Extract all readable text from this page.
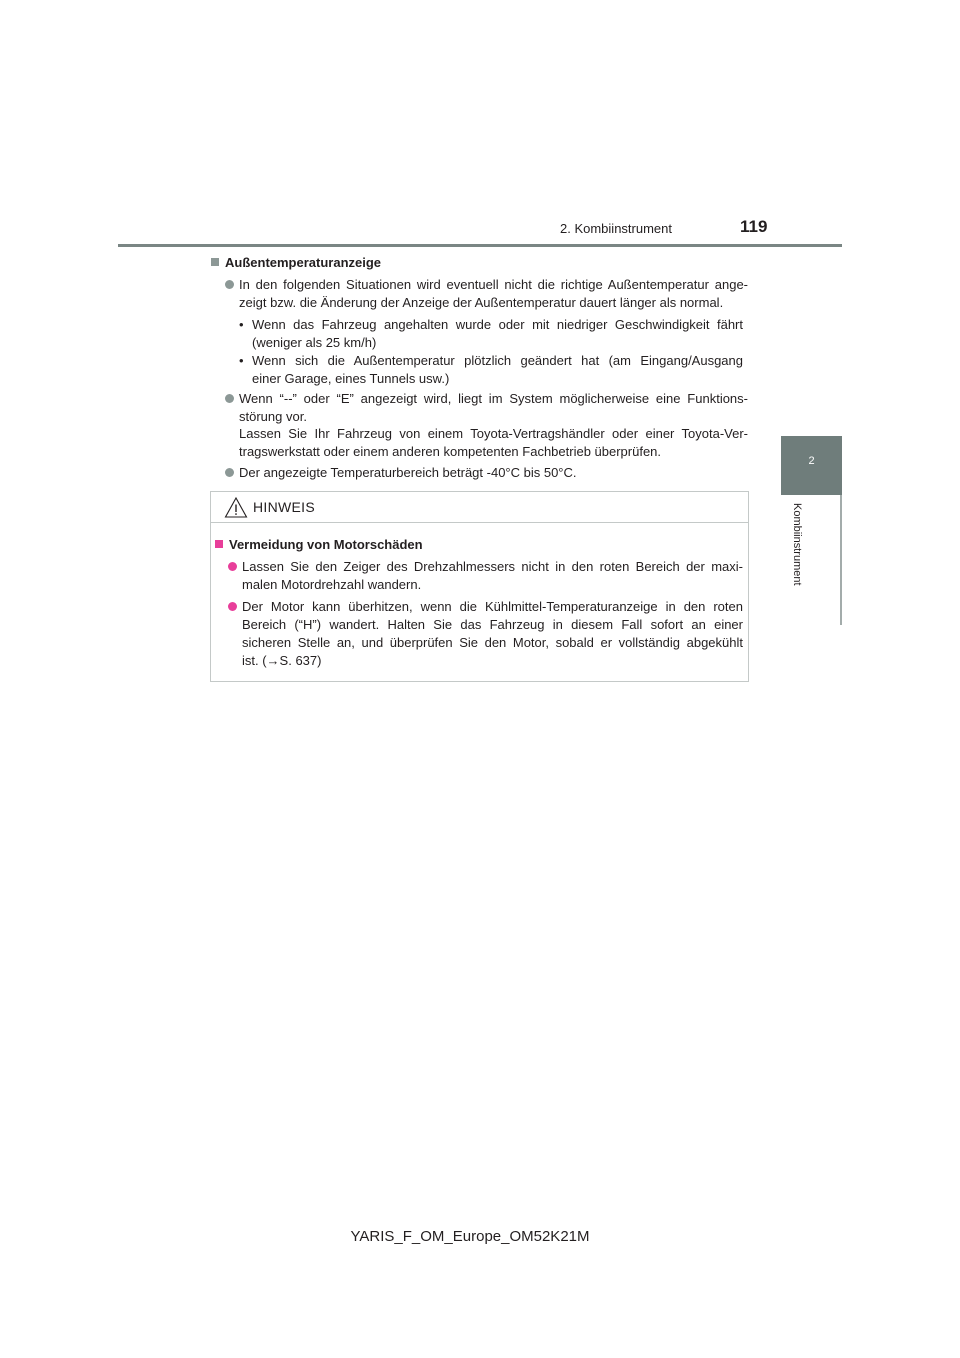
2. Kombiinstrument	119
2
Kombiinstrument
Außentemperaturanzeige
In den folgenden Situationen wird eventuell nicht die richtige Außentemperatur ange-
zeigt bzw. die Änderung der Anzeige der Außentemperatur dauert länger als normal.
• Wenn das Fahrzeug angehalten wurde oder mit niedriger Geschwindigkeit fährt
(weniger als 25 km/h)
• Wenn sich die Außentemperatur plötzlich geändert hat (am Eingang/Ausgang
einer Garage, eines Tunnels usw.)
Wenn “--” oder “E” angezeigt wird, liegt im System möglicherweise eine Funktions-
störung vor.
Lassen Sie Ihr Fahrzeug von einem Toyota-Vertragshändler oder einer Toyota-Ver-
tragswerkstatt oder einem anderen kompetenten Fachbetrieb überprüfen.
Der angezeigte Temperaturbereich beträgt -40°C bis 50°C.
HINWEIS
Vermeidung von Motorschäden
Lassen Sie den Zeiger des Drehzahlmessers nicht in den roten Bereich der maxi-
malen Motordrehzahl wandern.
Der Motor kann überhitzen, wenn die Kühlmittel-Temperaturanzeige in den roten
Bereich (“H”) wandert. Halten Sie das Fahrzeug in diesem Fall sofort an einer
sicheren Stelle an, und überprüfen Sie den Motor, sobald er vollständig abgekühlt
ist. (→S. 637)
YARIS_F_OM_Europe_OM52K21M
